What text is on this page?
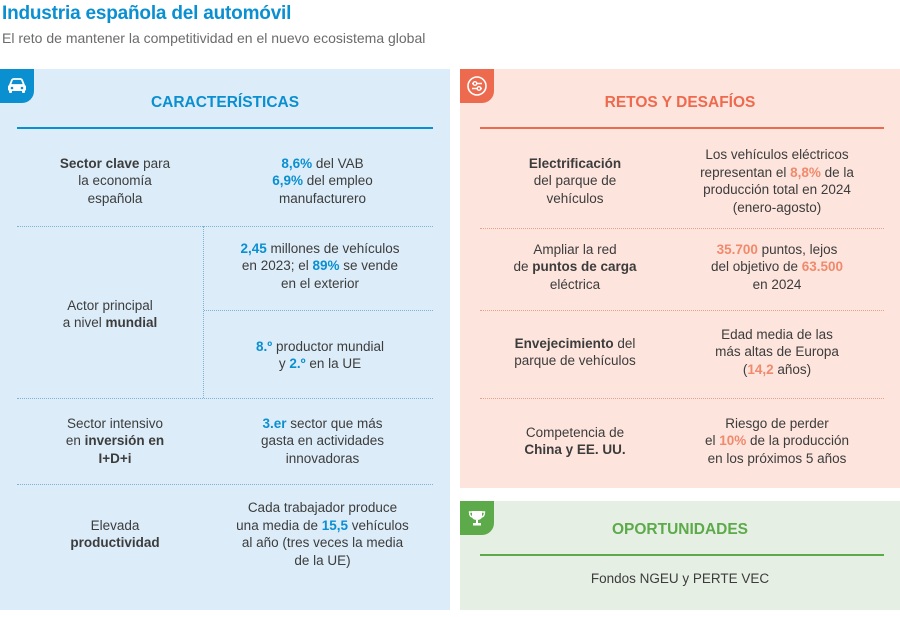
Industria española del automóvil
El reto de mantener la competitividad en el nuevo ecosistema global
CARACTERÍSTICAS
Sector clave para
la economía
española
8,6% del VAB
6,9% del empleo
manufacturero
Actor principal
a nivel mundial
2,45 millones de vehículos
en 2023; el 89% se vende
en el exterior
8.º productor mundial
y 2.º en la UE
Sector intensivo
en inversión en
I+D+i
3.er sector que más
gasta en actividades
innovadoras
Elevada
productividad
Cada trabajador produce
una media de 15,5 vehículos
al año (tres veces la media
de la UE)
RETOS Y DESAFÍOS
Electrificación
del parque de
vehículos
Los vehículos eléctricos
representan el 8,8% de la
producción total en 2024
(enero-agosto)
Ampliar la red
de puntos de carga
eléctrica
35.700 puntos, lejos
del objetivo de 63.500
en 2024
Envejecimiento del
parque de vehículos
Edad media de las
más altas de Europa
(14,2 años)
Competencia de
China y EE. UU.
Riesgo de perder
el 10% de la producción
en los próximos 5 años
OPORTUNIDADES
Fondos NGEU y PERTE VEC
